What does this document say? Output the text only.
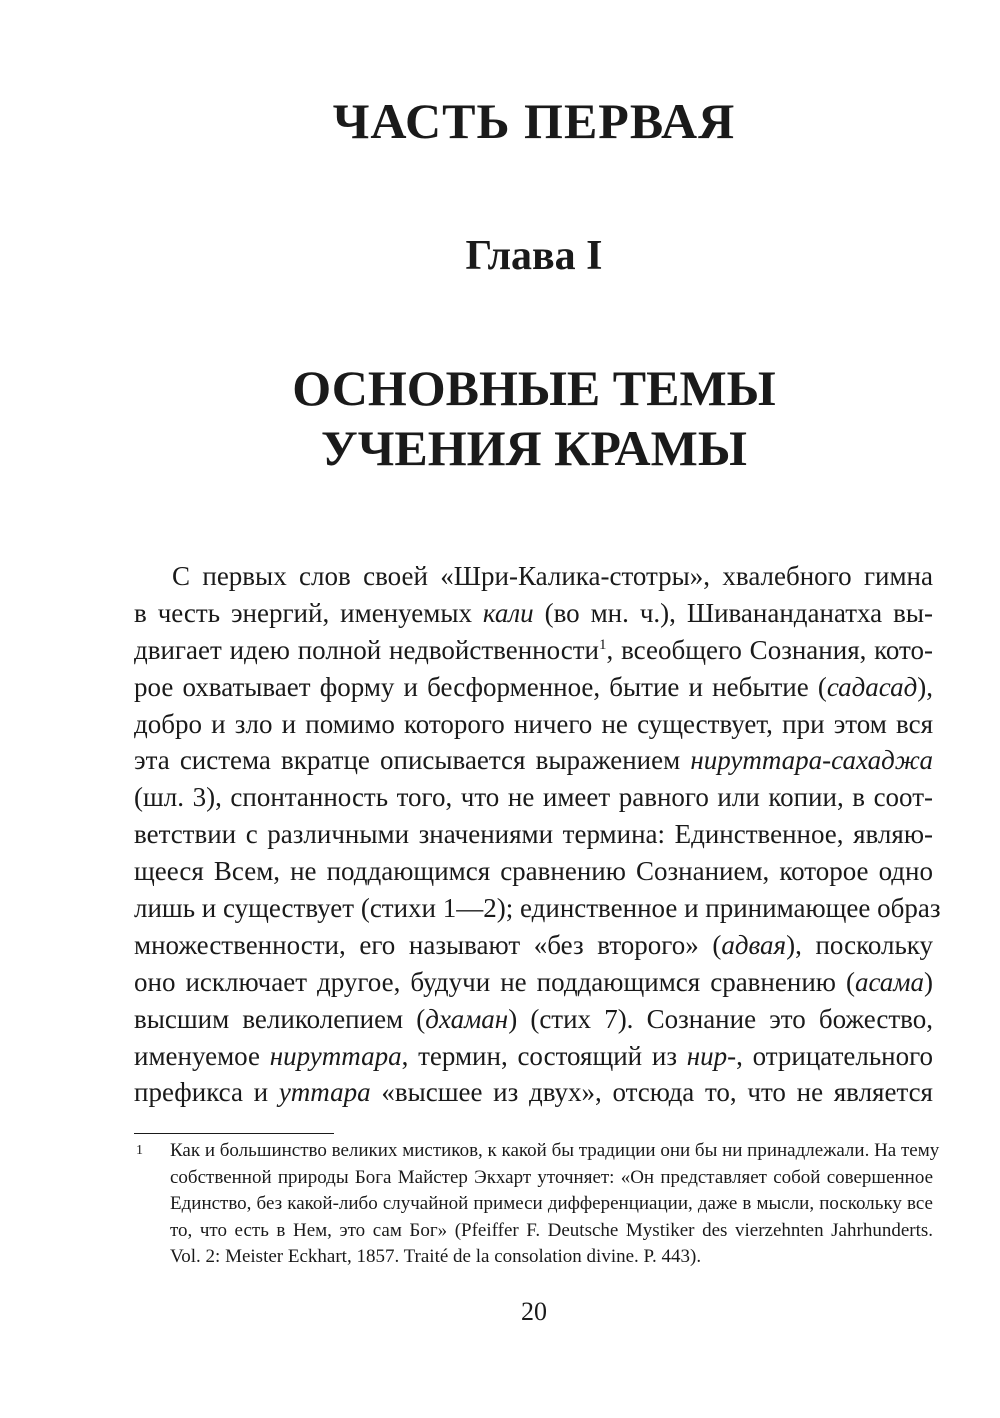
ЧАСТЬ ПЕРВАЯ
Глава I
ОСНОВНЫЕ ТЕМЫ
УЧЕНИЯ КРАМЫ
С первых слов своей «Шри-Калика-стотры», хвалебного гимна
в честь энергий, именуемых кали (во мн. ч.), Шивананданатха вы-
двигает идею полной недвойственности$^1$, всеобщего Сознания, кото-
рое охватывает форму и бесформенное, бытие и небытие (садасад),
добро и зло и помимо которого ничего не существует, при этом вся
эта система вкратце описывается выражением нируттара-сахаджа
(шл. 3), спонтанность того, что не имеет равного или копии, в соот-
ветствии с различными значениями термина: Единственное, являю-
щееся Всем, не поддающимся сравнению Сознанием, которое одно
лишь и существует (стихи 1—2); единственное и принимающее образ
множественности, его называют «без второго» (адвая), поскольку
оно исключает другое, будучи не поддающимся сравнению (асама)
высшим великолепием (дхаман) (стих 7). Сознание это божество,
именуемое нируттара, термин, состоящий из нир-, отрицательного
префикса и уттара «высшее из двух», отсюда то, что не является
1 Как и большинство великих мистиков, к какой бы традиции они бы ни принадлежали. На тему
собственной природы Бога Майстер Экхарт уточняет: «Он представляет собой совершенное
Единство, без какой-либо случайной примеси дифференциации, даже в мысли, поскольку все
то, что есть в Нем, это сам Бог» (Pfeiffer F. Deutsche Mystiker des vierzehnten Jahrhunderts.
Vol. 2: Meister Eckhart, 1857. Traité de la consolation divine. P. 443).
20
